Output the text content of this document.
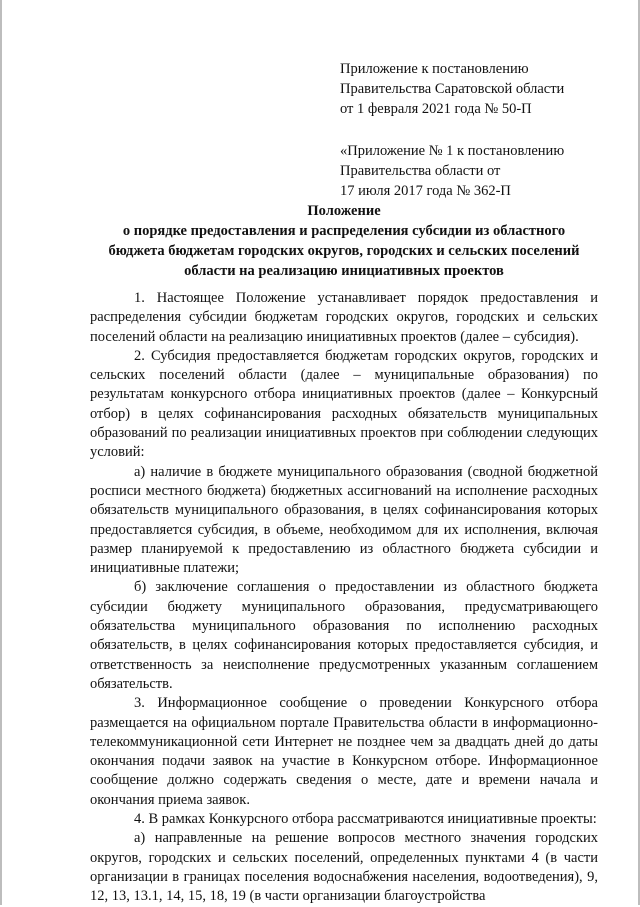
Приложение к постановлению
Правительства Саратовской области
от 1 февраля 2021 года № 50-П
«Приложение № 1 к постановлению
Правительства области от
17 июля 2017 года № 362-П
Положение
о порядке предоставления и распределения субсидии из областного
бюджета бюджетам городских округов, городских и сельских поселений
области на реализацию инициативных проектов

1. Настоящее Положение устанавливает порядок предоставления и распределения субсидии бюджетам городских округов, городских и сельских поселений области на реализацию инициативных проектов (далее – субсидия).

2. Субсидия предоставляется бюджетам городских округов, городских и сельских поселений области (далее – муниципальные образования) по результатам конкурсного отбора инициативных проектов (далее – Конкурсный отбор) в целях софинансирования расходных обязательств муниципальных образований по реализации инициативных проектов при соблюдении следующих условий:

а) наличие в бюджете муниципального образования (сводной бюджетной росписи местного бюджета) бюджетных ассигнований на исполнение расходных обязательств муниципального образования, в целях софинансирования которых предоставляется субсидия, в объеме, необходимом для их исполнения, включая размер планируемой к предоставлению из областного бюджета субсидии и инициативные платежи;

б) заключение соглашения о предоставлении из областного бюджета субсидии бюджету муниципального образования, предусматривающего обязательства муниципального образования по исполнению расходных обязательств, в целях софинансирования которых предоставляется субсидия, и ответственность за неисполнение предусмотренных указанным соглашением обязательств.

3. Информационное сообщение о проведении Конкурсного отбора размещается на официальном портале Правительства области в информационно-телекоммуникационной сети Интернет не позднее чем за двадцать дней до даты окончания подачи заявок на участие в Конкурсном отборе. Информационное сообщение должно содержать сведения о месте, дате и времени начала и окончания приема заявок.

4. В рамках Конкурсного отбора рассматриваются инициативные проекты:

а) направленные на решение вопросов местного значения городских округов, городских и сельских поселений, определенных пунктами 4 (в части организации в границах поселения водоснабжения населения, водоотведения), 9, 12, 13, 13.1, 14, 15, 18, 19 (в части организации благоустройства
